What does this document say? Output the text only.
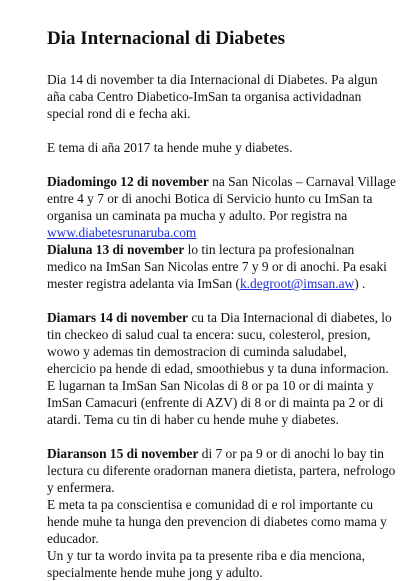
Dia Internacional di Diabetes

Dia 14 di november ta dia Internacional di Diabetes. Pa algun aña caba Centro Diabetico-ImSan ta organisa actividadnan special rond di e fecha aki.

E tema di aña 2017 ta hende muhe y diabetes.

Diadomingo 12 di november na San Nicolas – Carnaval Village entre 4 y 7 or di anochi Botica di Servicio hunto cu ImSan ta organisa un caminata pa mucha y adulto. Por registra na www.diabetesrunaruba.com

Dialuna 13 di november lo tin lectura pa profesionalnan medico na ImSan San Nicolas entre 7 y 9 or di anochi. Pa esaki mester registra adelanta via ImSan (k.degroot@imsan.aw) .

Diamars 14 di november cu ta Dia Internacional di diabetes, lo tin checkeo di salud cual ta encera: sucu, colesterol, presion, wowo y ademas tin demostracion di cuminda saludabel, ehercicio pa hende di edad, smoothiebus y ta duna informacion. E lugarnan ta ImSan San Nicolas di 8 or pa 10 or di mainta y ImSan Camacuri (enfrente di AZV) di 8 or di mainta pa 2 or di atardi. Tema cu tin di haber cu hende muhe y diabetes.

Diaranson 15 di november di 7 or pa 9 or di anochi lo bay tin lectura cu diferente oradornan manera dietista, partera, nefrologo y enfermera.

E meta ta pa conscientisa e comunidad di e rol importante cu hende muhe ta hunga den prevencion di diabetes como mama y educador.

Un y tur ta wordo invita pa ta presente riba e dia menciona, specialmente hende muhe jong y adulto.
